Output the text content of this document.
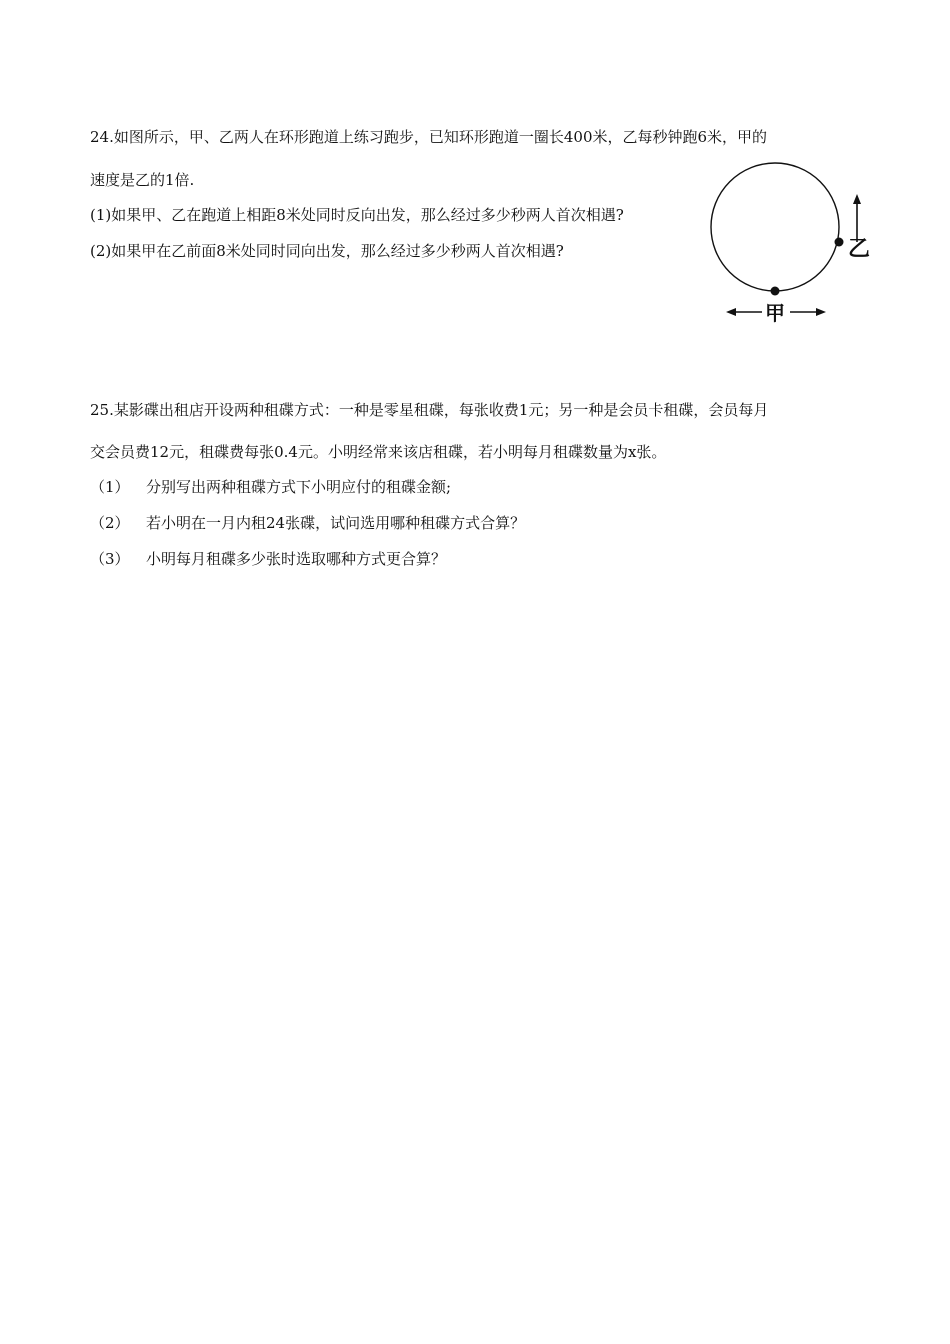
24.如图所示，甲、乙两人在环形跑道上练习跑步，已知环形跑道一圈长400米，乙每秒钟跑6米，甲的
速度是乙的1倍.
(1)如果甲、乙在跑道上相距8米处同时反向出发，那么经过多少秒两人首次相遇?
(2)如果甲在乙前面8米处同时同向出发，那么经过多少秒两人首次相遇?	乙
甲
25.某影碟出租店开设两种租碟方式：一种是零星租碟，每张收费1元；另一种是会员卡租碟，会员每月
交会员费12元，租碟费每张0.4元。小明经常来该店租碟，若小明每月租碟数量为x张。
（1） 分别写出两种租碟方式下小明应付的租碟金额;
（2） 若小明在一月内租24张碟，试问选用哪种租碟方式合算？
（3） 小明每月租碟多少张时选取哪种方式更合算？
